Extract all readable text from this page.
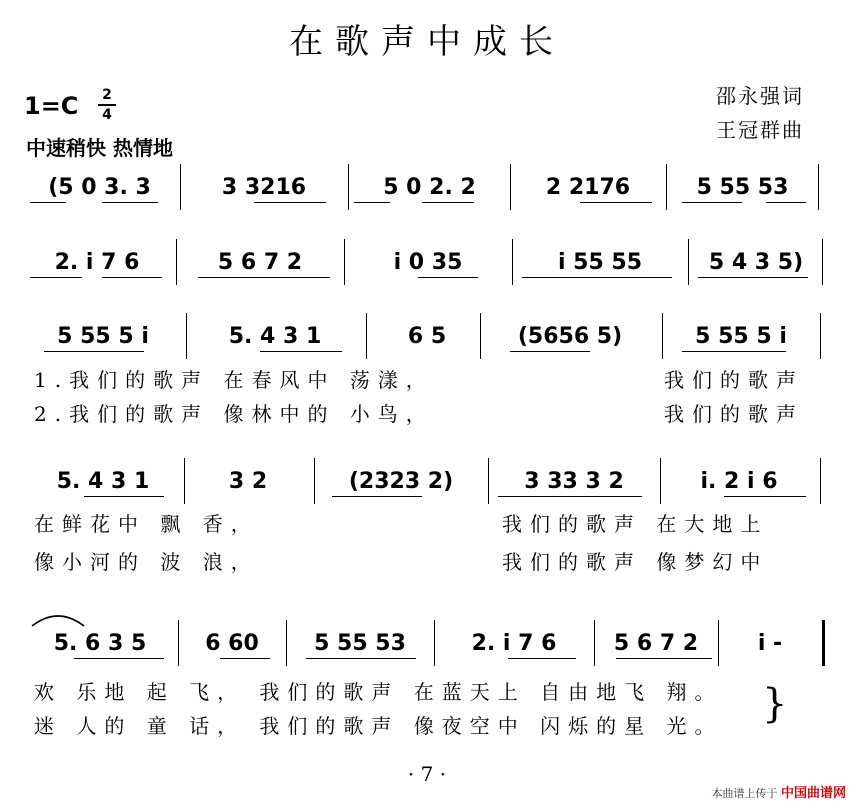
在歌声中成长
1=C 2
4
中速稍快 热情地
邵永强词
王冠群曲
(5 0 3. 3	3 3216	5 0 2. 2	2 2176	5 55 53
2. i 7 6	5 6 7 2	i 0 35	i 55 55	5 4 3 5)
5 55 5 i	5. 4 3 1	6 5	(5656 5)	5 55 5 i
1.我们的歌声 在春风中 荡漾，	我们的歌声
2.我们的歌声 像林中的 小鸟，	我们的歌声
5. 4 3 1	3 2	(2323 2)	3 33 3 2	i. 2 i 6
在鲜花中 飘 香，	我们的歌声 在大地上
像小河的 波 浪，	我们的歌声 像梦幻中
5. 6 3 5	6 60	5 55 53	2. i 7 6	5 6 7 2	i -
欢 乐地 起 飞， 我们的歌声 在蓝天上 自由地飞 翔。
迷 人的 童 话， 我们的歌声 像夜空中 闪烁的星 光。 }
· 7 ·
本曲谱上传于 中国曲谱网
